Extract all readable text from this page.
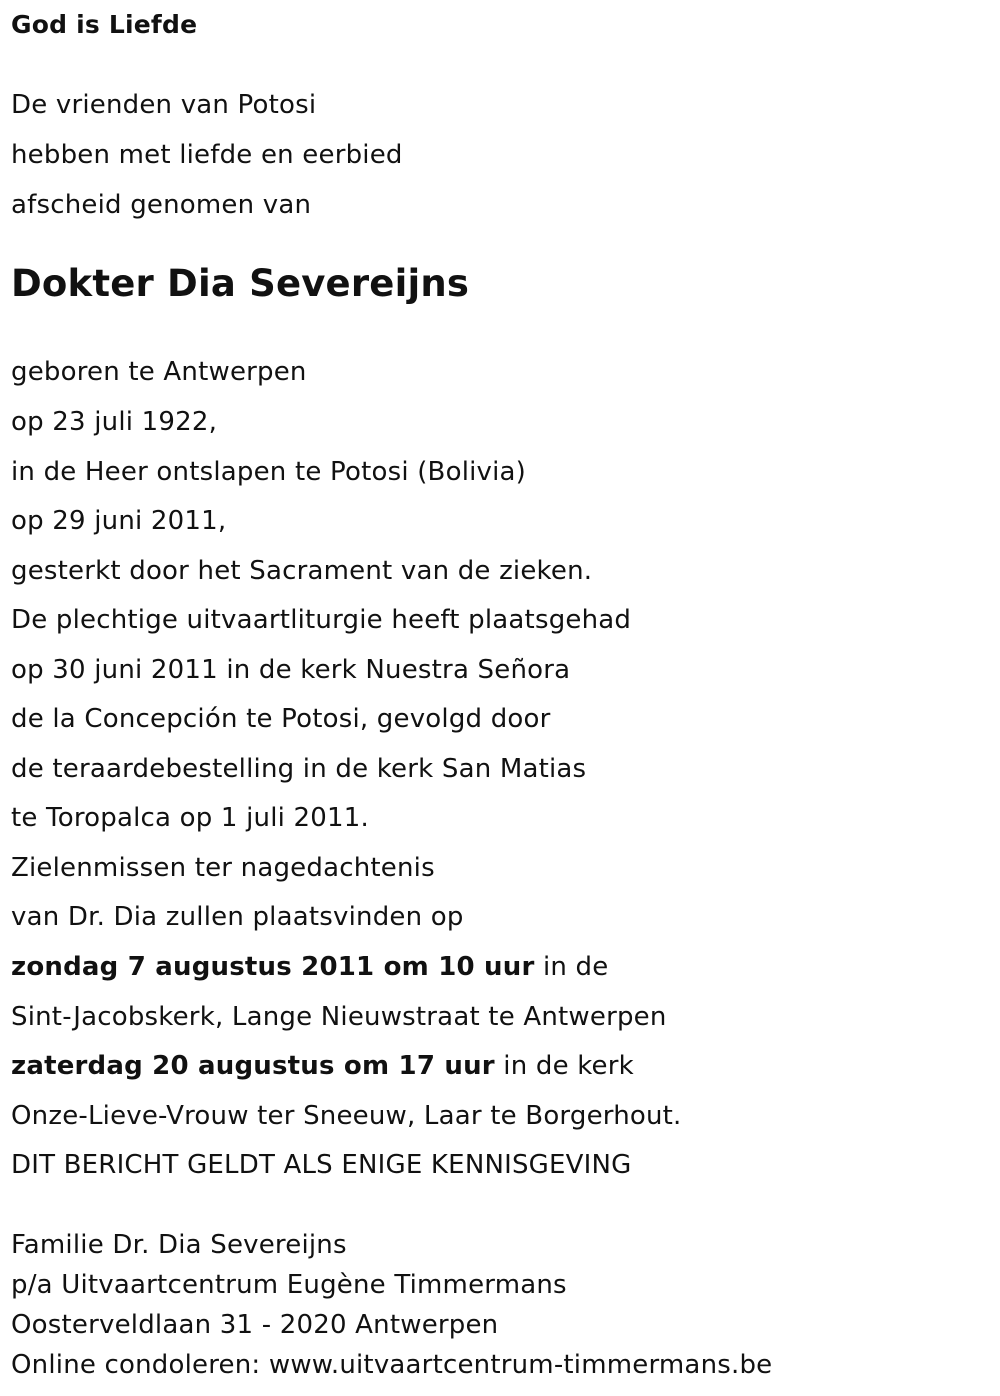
God is Liefde
De vrienden van Potosi
hebben met liefde en eerbied
afscheid genomen van
Dokter Dia Severeijns
geboren te Antwerpen
op 23 juli 1922,
in de Heer ontslapen te Potosi (Bolivia)
op 29 juni 2011,
gesterkt door het Sacrament van de zieken.
De plechtige uitvaartliturgie heeft plaatsgehad
op 30 juni 2011 in de kerk Nuestra Señora
de la Concepción te Potosi, gevolgd door
de teraardebestelling in de kerk San Matias
te Toropalca op 1 juli 2011.
Zielenmissen ter nagedachtenis
van Dr. Dia zullen plaatsvinden op
zondag 7 augustus 2011 om 10 uur in de
Sint-Jacobskerk, Lange Nieuwstraat te Antwerpen
zaterdag 20 augustus om 17 uur in de kerk
Onze-Lieve-Vrouw ter Sneeuw, Laar te Borgerhout.
DIT BERICHT GELDT ALS ENIGE KENNISGEVING
Familie Dr. Dia Severeijns
p/a Uitvaartcentrum Eugène Timmermans
Oosterveldlaan 31 - 2020 Antwerpen
Online condoleren: www.uitvaartcentrum-timmermans.be
